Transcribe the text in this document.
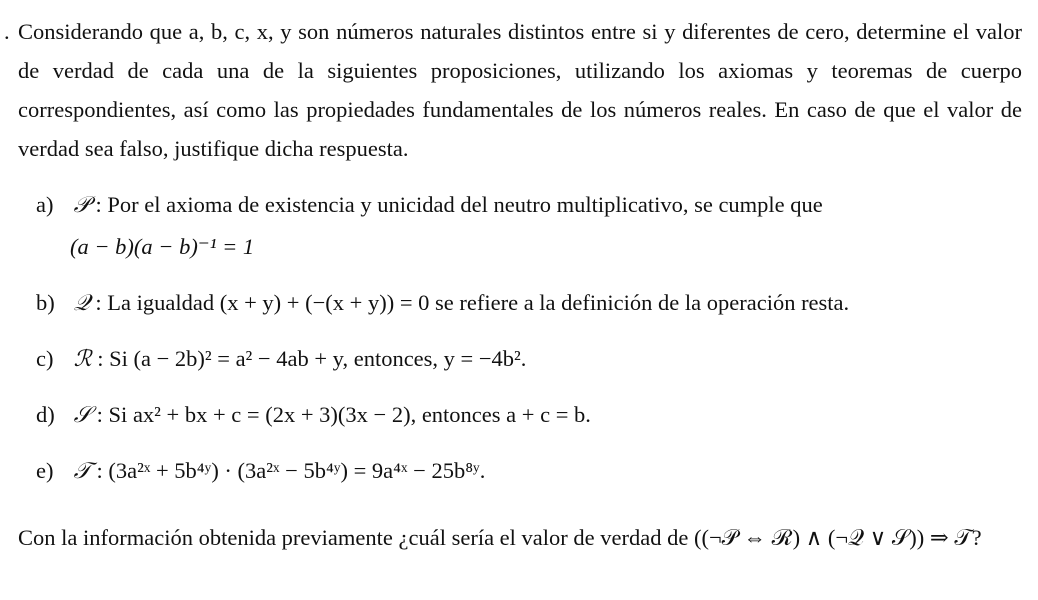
. Considerando que a, b, c, x, y son números naturales distintos entre si y diferentes de cero, determine el valor de verdad de cada una de la siguientes proposiciones, utilizando los axiomas y teoremas de cuerpo correspondientes, así como las propiedades fundamentales de los números reales. En caso de que el valor de verdad sea falso, justifique dicha respuesta.

a) 𝒫 : Por el axioma de existencia y unicidad del neutro multiplicativo, se cumple que
(a − b)(a − b)⁻¹ = 1
b) 𝒬 : La igualdad (x + y) + (−(x + y)) = 0 se refiere a la definición de la operación resta.
c) ℛ : Si (a − 2b)² = a² − 4ab + y, entonces, y = −4b².
d) 𝒮 : Si ax² + bx + c = (2x + 3)(3x − 2), entonces a + c = b.
e) 𝒯 : (3a²ˣ + 5b⁴ʸ) · (3a²ˣ − 5b⁴ʸ) = 9a⁴ˣ − 25b⁸ʸ.

Con la información obtenida previamente ¿cuál sería el valor de verdad de ((¬𝒫 ⇔ ℛ) ∧ (¬𝒬 ∨ 𝒮)) ⇒ 𝒯?
